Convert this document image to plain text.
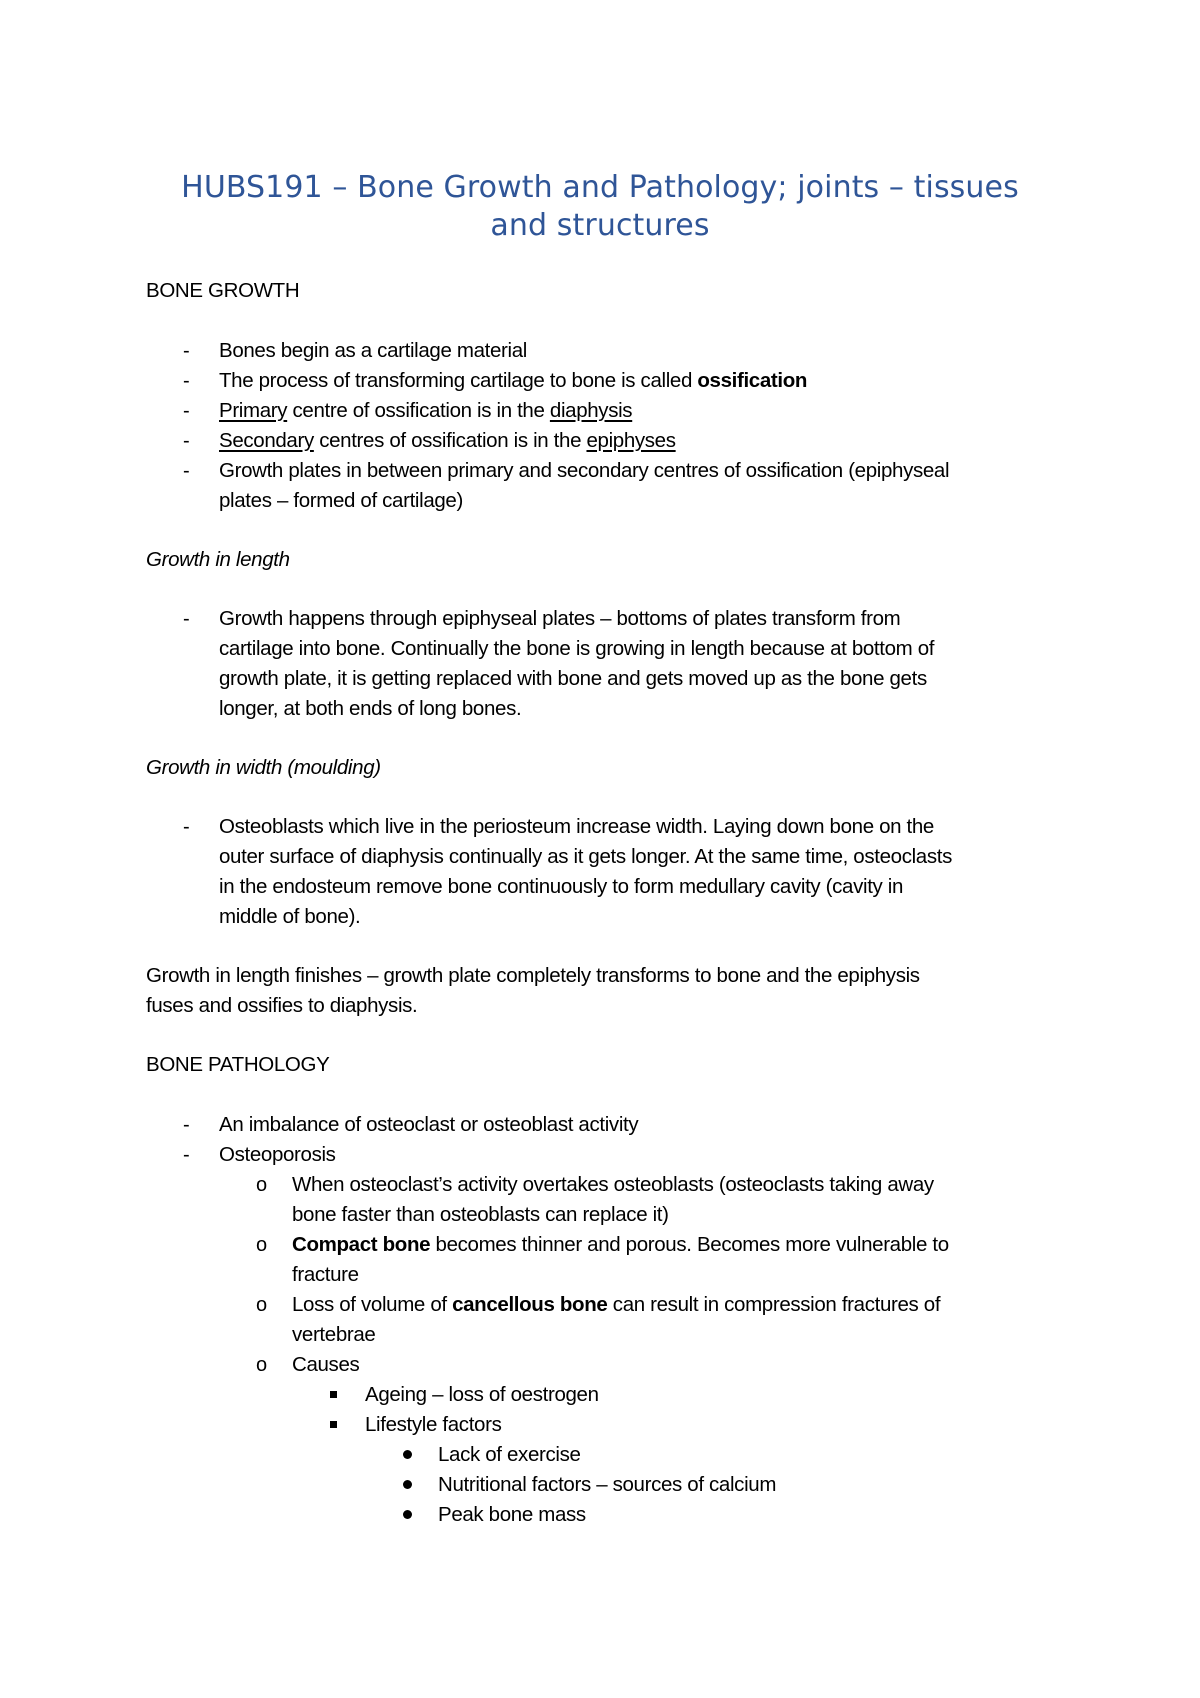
HUBS191 – Bone Growth and Pathology; joints – tissues
and structures
BONE GROWTH
- Bones begin as a cartilage material
- The process of transforming cartilage to bone is called ossification
- Primary centre of ossification is in the diaphysis
- Secondary centres of ossification is in the epiphyses
- Growth plates in between primary and secondary centres of ossification (epiphyseal
plates – formed of cartilage)
Growth in length
- Growth happens through epiphyseal plates – bottoms of plates transform from
cartilage into bone. Continually the bone is growing in length because at bottom of
growth plate, it is getting replaced with bone and gets moved up as the bone gets
longer, at both ends of long bones.
Growth in width (moulding)
- Osteoblasts which live in the periosteum increase width. Laying down bone on the
outer surface of diaphysis continually as it gets longer. At the same time, osteoclasts
in the endosteum remove bone continuously to form medullary cavity (cavity in
middle of bone).
Growth in length finishes – growth plate completely transforms to bone and the epiphysis
fuses and ossifies to diaphysis.
BONE PATHOLOGY
- An imbalance of osteoclast or osteoblast activity
- Osteoporosis
o When osteoclast’s activity overtakes osteoblasts (osteoclasts taking away
bone faster than osteoblasts can replace it)
o Compact bone becomes thinner and porous. Becomes more vulnerable to
fracture
o Loss of volume of cancellous bone can result in compression fractures of
vertebrae
o Causes
Ageing – loss of oestrogen
Lifestyle factors
Lack of exercise
Nutritional factors – sources of calcium
Peak bone mass
